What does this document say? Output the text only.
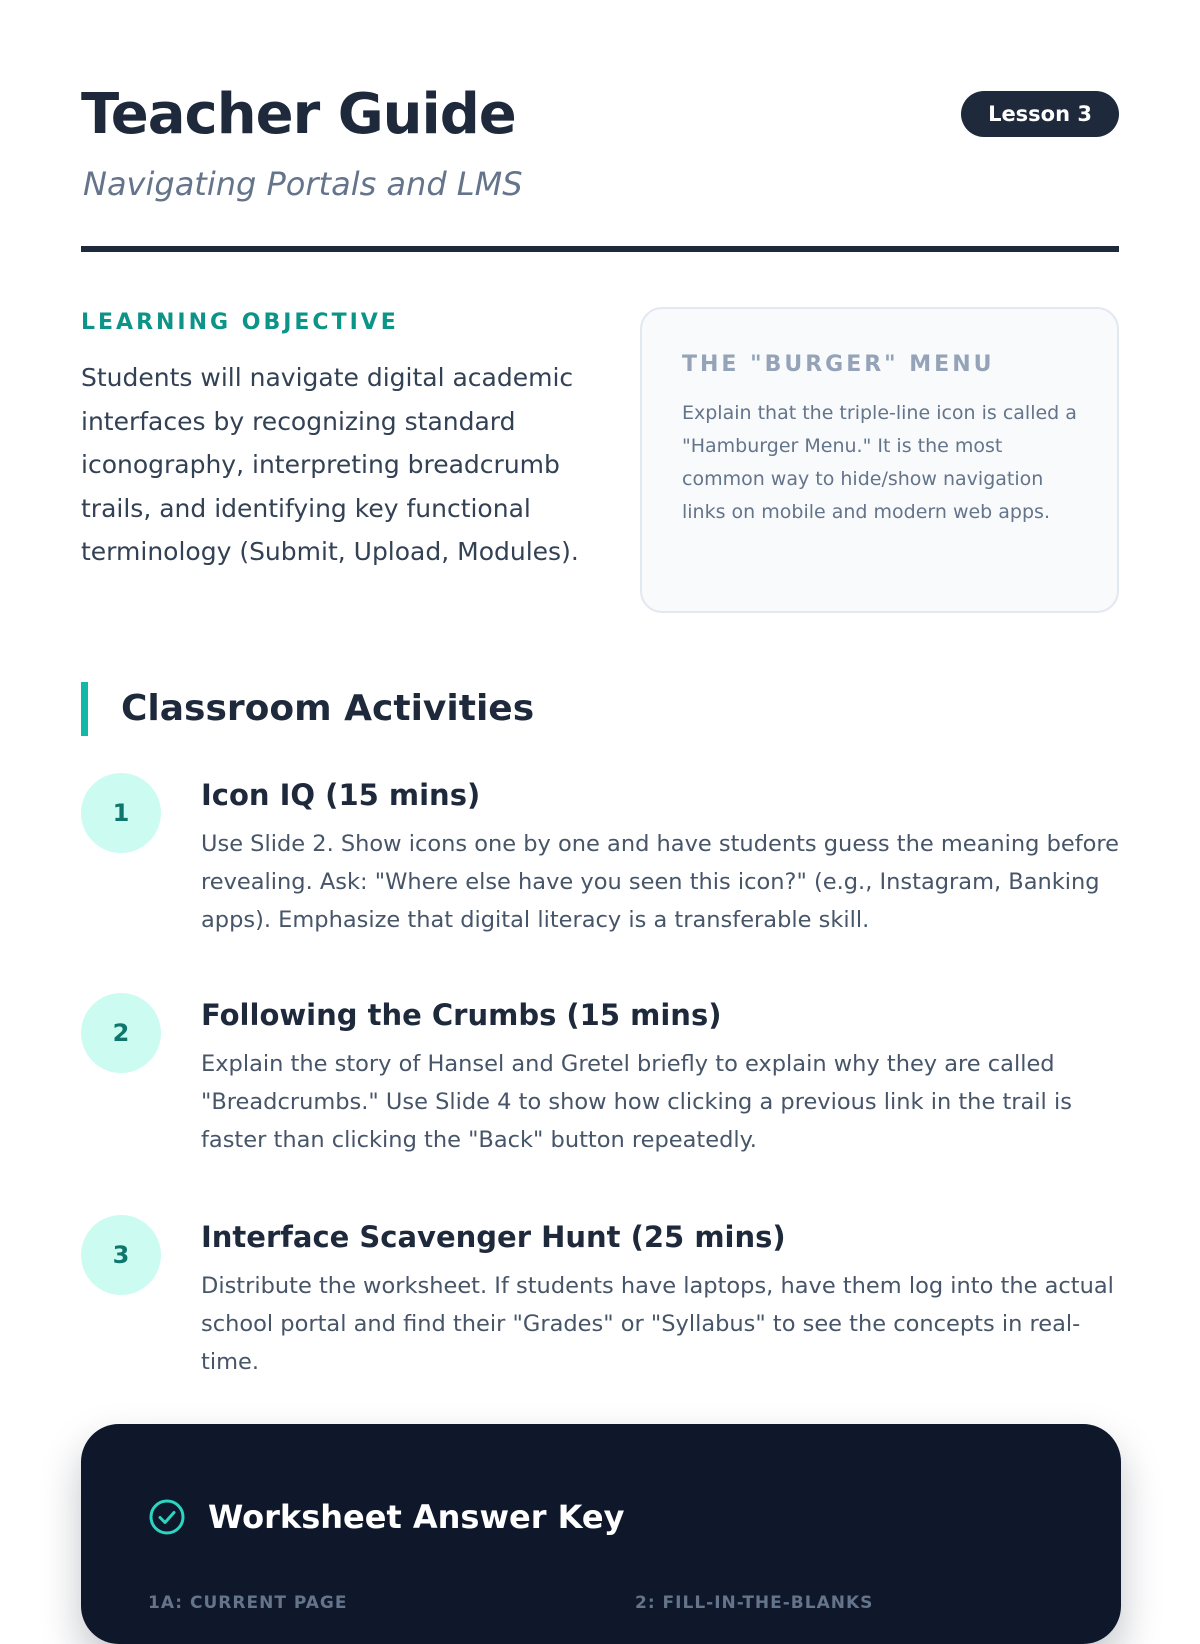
Teacher Guide
Navigating Portals and LMS
Lesson 3
LEARNING OBJECTIVE
Students will navigate digital academic interfaces by recognizing standard iconography, interpreting breadcrumb trails, and identifying key functional terminology (Submit, Upload, Modules).
THE "BURGER" MENU
Explain that the triple-line icon is called a "Hamburger Menu." It is the most common way to hide/show navigation links on mobile and modern web apps.
Classroom Activities
1
Icon IQ (15 mins)
Use Slide 2. Show icons one by one and have students guess the meaning before revealing. Ask: "Where else have you seen this icon?" (e.g., Instagram, Banking apps). Emphasize that digital literacy is a transferable skill.
2
Following the Crumbs (15 mins)
Explain the story of Hansel and Gretel briefly to explain why they are called "Breadcrumbs." Use Slide 4 to show how clicking a previous link in the trail is faster than clicking the "Back" button repeatedly.
3
Interface Scavenger Hunt (25 mins)
Distribute the worksheet. If students have laptops, have them log into the actual school portal and find their "Grades" or "Syllabus" to see the concepts in real-time.
Worksheet Answer Key
1A: CURRENT PAGE	2: FILL-IN-THE-BLANKS
